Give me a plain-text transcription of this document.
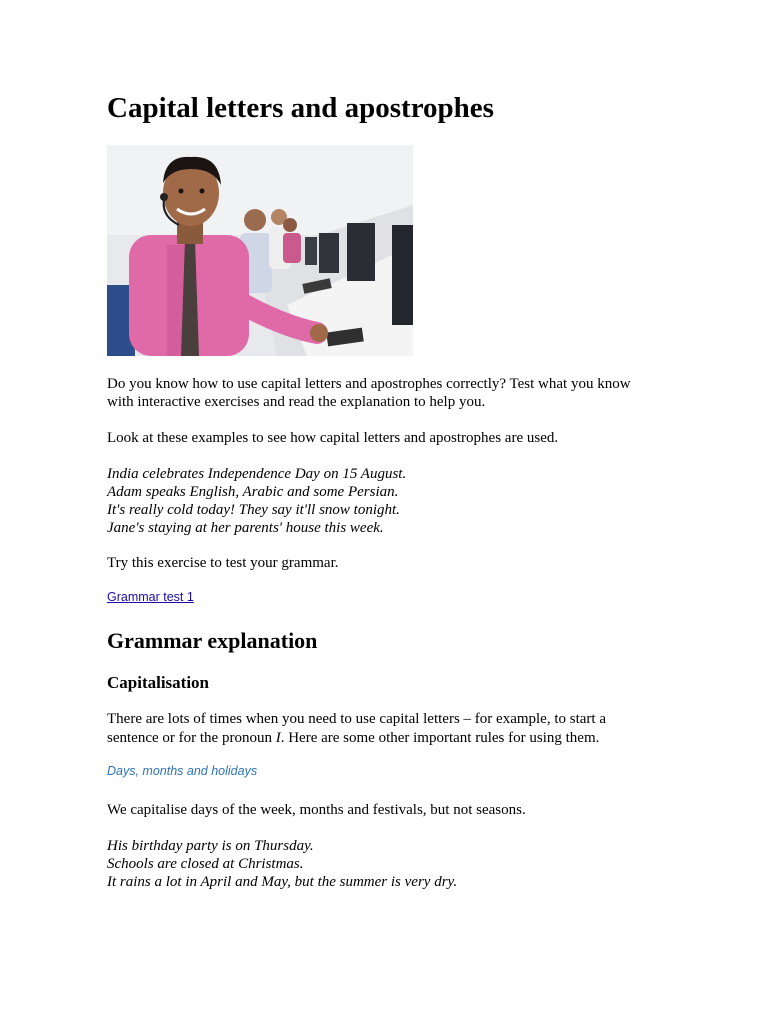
Capital letters and apostrophes

Do you know how to use capital letters and apostrophes correctly? Test what you know

with interactive exercises and read the explanation to help you.

Look at these examples to see how capital letters and apostrophes are used.

India celebrates Independence Day on 15 August.

Adam speaks English, Arabic and some Persian.

It's really cold today! They say it'll snow tonight.

Jane's staying at her parents' house this week.

Try this exercise to test your grammar.

Grammar test 1
Grammar explanation
Capitalisation

There are lots of times when you need to use capital letters – for example, to start a

sentence or for the pronoun I. Here are some other important rules for using them.

Days, months and holidays

We capitalise days of the week, months and festivals, but not seasons.

His birthday party is on Thursday.

Schools are closed at Christmas.

It rains a lot in April and May, but the summer is very dry.
